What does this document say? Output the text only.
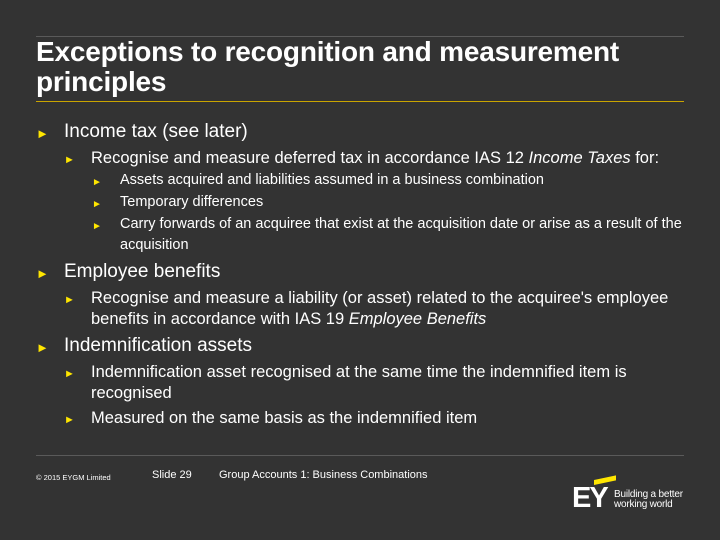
Exceptions to recognition and measurement principles
► Income tax (see later)
► Recognise and measure deferred tax in accordance IAS 12 Income Taxes for:
► Assets acquired and liabilities assumed in a business combination
► Temporary differences
► Carry forwards of an acquiree that exist at the acquisition date or arise as a result of the acquisition
► Employee benefits
► Recognise and measure a liability (or asset) related to the acquiree's employee benefits in accordance with IAS 19 Employee Benefits
► Indemnification assets
► Indemnification asset recognised at the same time the indemnified item is recognised
► Measured on the same basis as the indemnified item
© 2015 EYGM Limited	Slide 29 Group Accounts 1: Business Combinations
EY Building a better
working world
